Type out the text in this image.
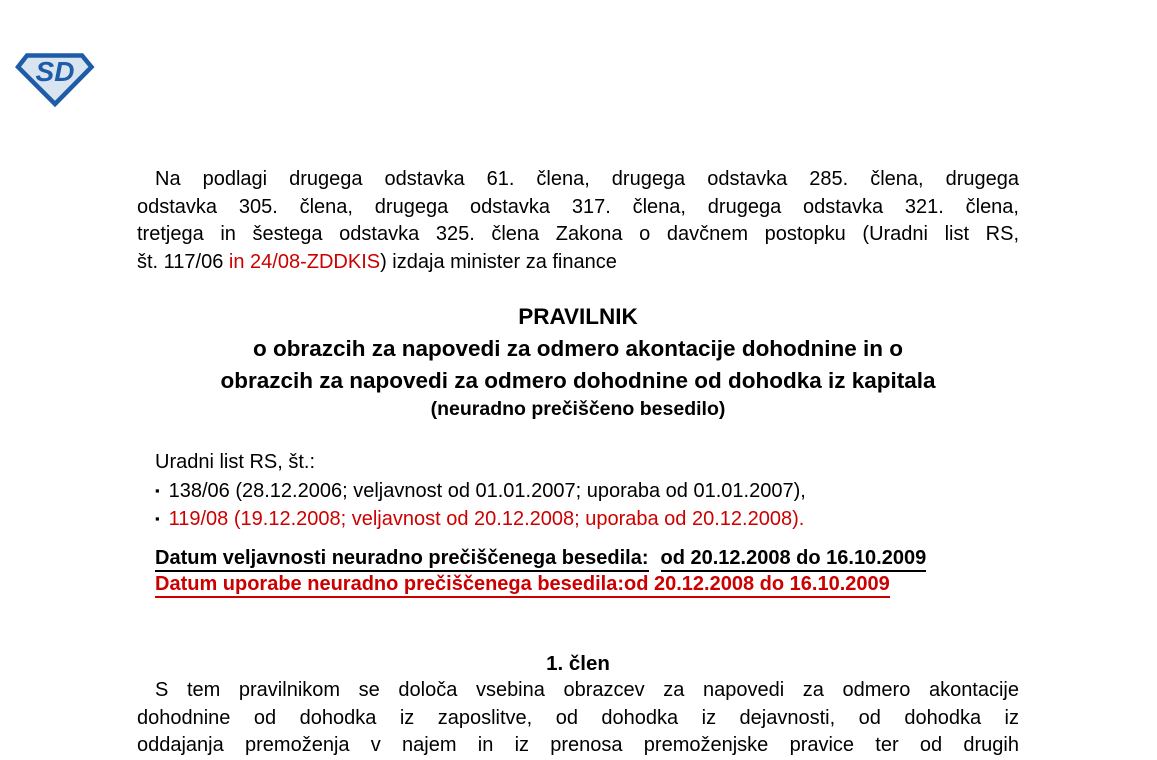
SD
Na podlagi drugega odstavka 61. člena, drugega odstavka 285. člena, drugega
odstavka 305. člena, drugega odstavka 317. člena, drugega odstavka 321. člena,
tretjega in šestega odstavka 325. člena Zakona o davčnem postopku (Uradni list RS,
št. 117/06 in 24/08-ZDDKIS) izdaja minister za finance
PRAVILNIK
o obrazcih za napovedi za odmero akontacije dohodnine in o
obrazcih za napovedi za odmero dohodnine od dohodka iz kapitala
(neuradno prečiščeno besedilo)
Uradni list RS, št.:
▪ 138/06 (28.12.2006; veljavnost od 01.01.2007; uporaba od 01.01.2007),
▪ 119/08 (19.12.2008; veljavnost od 20.12.2008; uporaba od 20.12.2008).
Datum veljavnosti neuradno prečiščenega besedila: od 20.12.2008 do 16.10.2009
Datum uporabe neuradno prečiščenega besedila:od 20.12.2008 do 16.10.2009
1. člen
S tem pravilnikom se določa vsebina obrazcev za napovedi za odmero akontacije
dohodnine od dohodka iz zaposlitve, od dohodka iz dejavnosti, od dohodka iz
oddajanja premoženja v najem in iz prenosa premoženjske pravice ter od drugih
